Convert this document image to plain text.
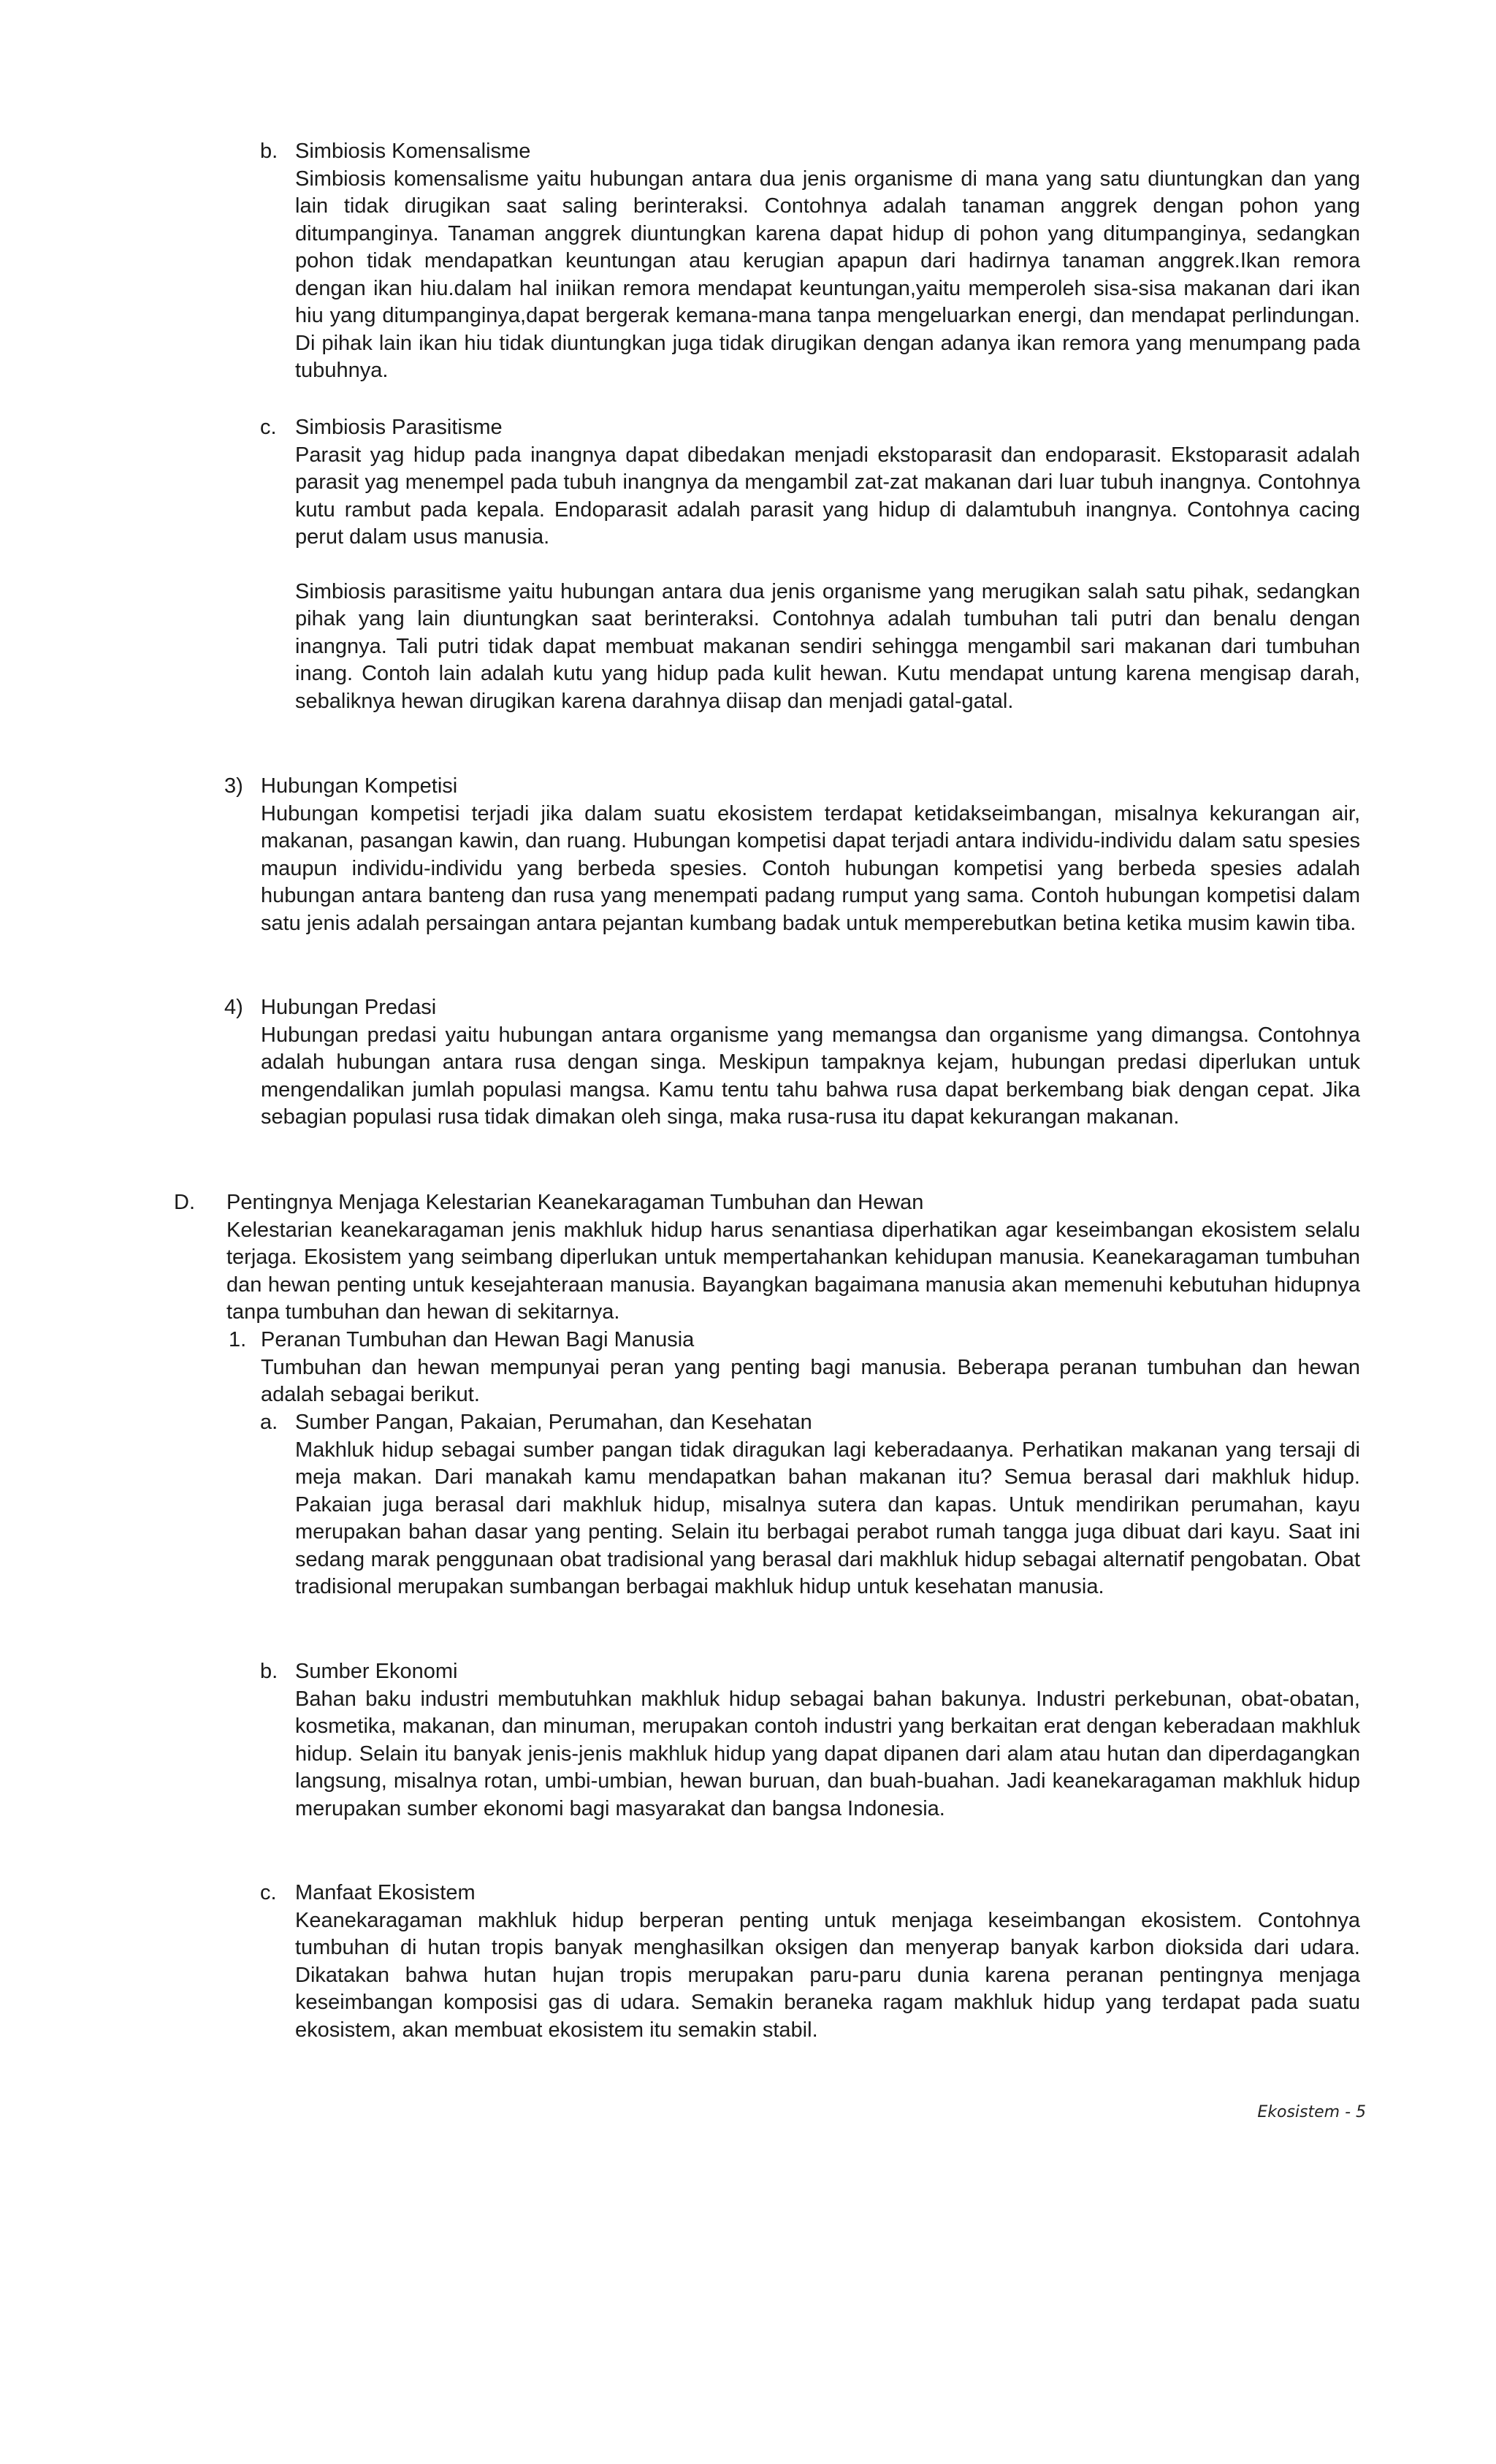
b. Simbiosis Komensalisme
Simbiosis komensalisme yaitu hubungan antara dua jenis organisme di mana yang satu diuntungkan dan yang lain tidak dirugikan saat saling berinteraksi. Contohnya adalah tanaman anggrek dengan pohon yang ditumpanginya. Tanaman anggrek diuntungkan karena dapat hidup di pohon yang ditumpanginya, sedangkan pohon tidak mendapatkan keuntungan atau kerugian apapun dari hadirnya tanaman anggrek.Ikan remora dengan ikan hiu.dalam hal iniikan remora mendapat keuntungan,yaitu memperoleh sisa-sisa makanan dari ikan hiu yang ditumpanginya,dapat bergerak kemana-mana tanpa mengeluarkan energi, dan mendapat perlindungan. Di pihak lain ikan hiu tidak diuntungkan juga tidak dirugikan dengan adanya ikan remora yang menumpang pada tubuhnya.
c. Simbiosis Parasitisme
Parasit yag hidup pada inangnya dapat dibedakan menjadi ekstoparasit dan endoparasit. Ekstoparasit adalah parasit yag menempel pada tubuh inangnya da mengambil zat-zat makanan dari luar tubuh inangnya. Contohnya kutu rambut pada kepala. Endoparasit adalah parasit yang hidup di dalamtubuh inangnya. Contohnya cacing perut dalam usus manusia.
Simbiosis parasitisme yaitu hubungan antara dua jenis organisme yang merugikan salah satu pihak, sedangkan pihak yang lain diuntungkan saat berinteraksi. Contohnya adalah tumbuhan tali putri dan benalu dengan inangnya. Tali putri tidak dapat membuat makanan sendiri sehingga mengambil sari makanan dari tumbuhan inang. Contoh lain adalah kutu yang hidup pada kulit hewan. Kutu mendapat untung karena mengisap darah, sebaliknya hewan dirugikan karena darahnya diisap dan menjadi gatal-gatal.
3) Hubungan Kompetisi
Hubungan kompetisi terjadi jika dalam suatu ekosistem terdapat ketidakseimbangan, misalnya kekurangan air, makanan, pasangan kawin, dan ruang. Hubungan kompetisi dapat terjadi antara individu-individu dalam satu spesies maupun individu-individu yang berbeda spesies. Contoh hubungan kompetisi yang berbeda spesies adalah hubungan antara banteng dan rusa yang menempati padang rumput yang sama. Contoh hubungan kompetisi dalam satu jenis adalah persaingan antara pejantan kumbang badak untuk memperebutkan betina ketika musim kawin tiba.
4) Hubungan Predasi
Hubungan predasi yaitu hubungan antara organisme yang memangsa dan organisme yang dimangsa. Contohnya adalah hubungan antara rusa dengan singa. Meskipun tampaknya kejam, hubungan predasi diperlukan untuk mengendalikan jumlah populasi mangsa. Kamu tentu tahu bahwa rusa dapat berkembang biak dengan cepat. Jika sebagian populasi rusa tidak dimakan oleh singa, maka rusa-rusa itu dapat kekurangan makanan.
D. Pentingnya Menjaga Kelestarian Keanekaragaman Tumbuhan dan Hewan
Kelestarian keanekaragaman jenis makhluk hidup harus senantiasa diperhatikan agar keseimbangan ekosistem selalu terjaga. Ekosistem yang seimbang diperlukan untuk mempertahankan kehidupan manusia. Keanekaragaman tumbuhan dan hewan penting untuk kesejahteraan manusia. Bayangkan bagaimana manusia akan memenuhi kebutuhan hidupnya tanpa tumbuhan dan hewan di sekitarnya.
1. Peranan Tumbuhan dan Hewan Bagi Manusia
Tumbuhan dan hewan mempunyai peran yang penting bagi manusia. Beberapa peranan tumbuhan dan hewan adalah sebagai berikut.
a. Sumber Pangan, Pakaian, Perumahan, dan Kesehatan
Makhluk hidup sebagai sumber pangan tidak diragukan lagi keberadaanya. Perhatikan makanan yang tersaji di meja makan. Dari manakah kamu mendapatkan bahan makanan itu? Semua berasal dari makhluk hidup. Pakaian juga berasal dari makhluk hidup, misalnya sutera dan kapas. Untuk mendirikan perumahan, kayu merupakan bahan dasar yang penting. Selain itu berbagai perabot rumah tangga juga dibuat dari kayu. Saat ini sedang marak penggunaan obat tradisional yang berasal dari makhluk hidup sebagai alternatif pengobatan. Obat tradisional merupakan sumbangan berbagai makhluk hidup untuk kesehatan manusia.
b. Sumber Ekonomi
Bahan baku industri membutuhkan makhluk hidup sebagai bahan bakunya. Industri perkebunan, obat-obatan, kosmetika, makanan, dan minuman, merupakan contoh industri yang berkaitan erat dengan keberadaan makhluk hidup. Selain itu banyak jenis-jenis makhluk hidup yang dapat dipanen dari alam atau hutan dan diperdagangkan langsung, misalnya rotan, umbi-umbian, hewan buruan, dan buah-buahan. Jadi keanekaragaman makhluk hidup merupakan sumber ekonomi bagi masyarakat dan bangsa Indonesia.
c. Manfaat Ekosistem
Keanekaragaman makhluk hidup berperan penting untuk menjaga keseimbangan ekosistem. Contohnya tumbuhan di hutan tropis banyak menghasilkan oksigen dan menyerap banyak karbon dioksida dari udara. Dikatakan bahwa hutan hujan tropis merupakan paru-paru dunia karena peranan pentingnya menjaga keseimbangan komposisi gas di udara. Semakin beraneka ragam makhluk hidup yang terdapat pada suatu ekosistem, akan membuat ekosistem itu semakin stabil.
Ekosistem - 5
